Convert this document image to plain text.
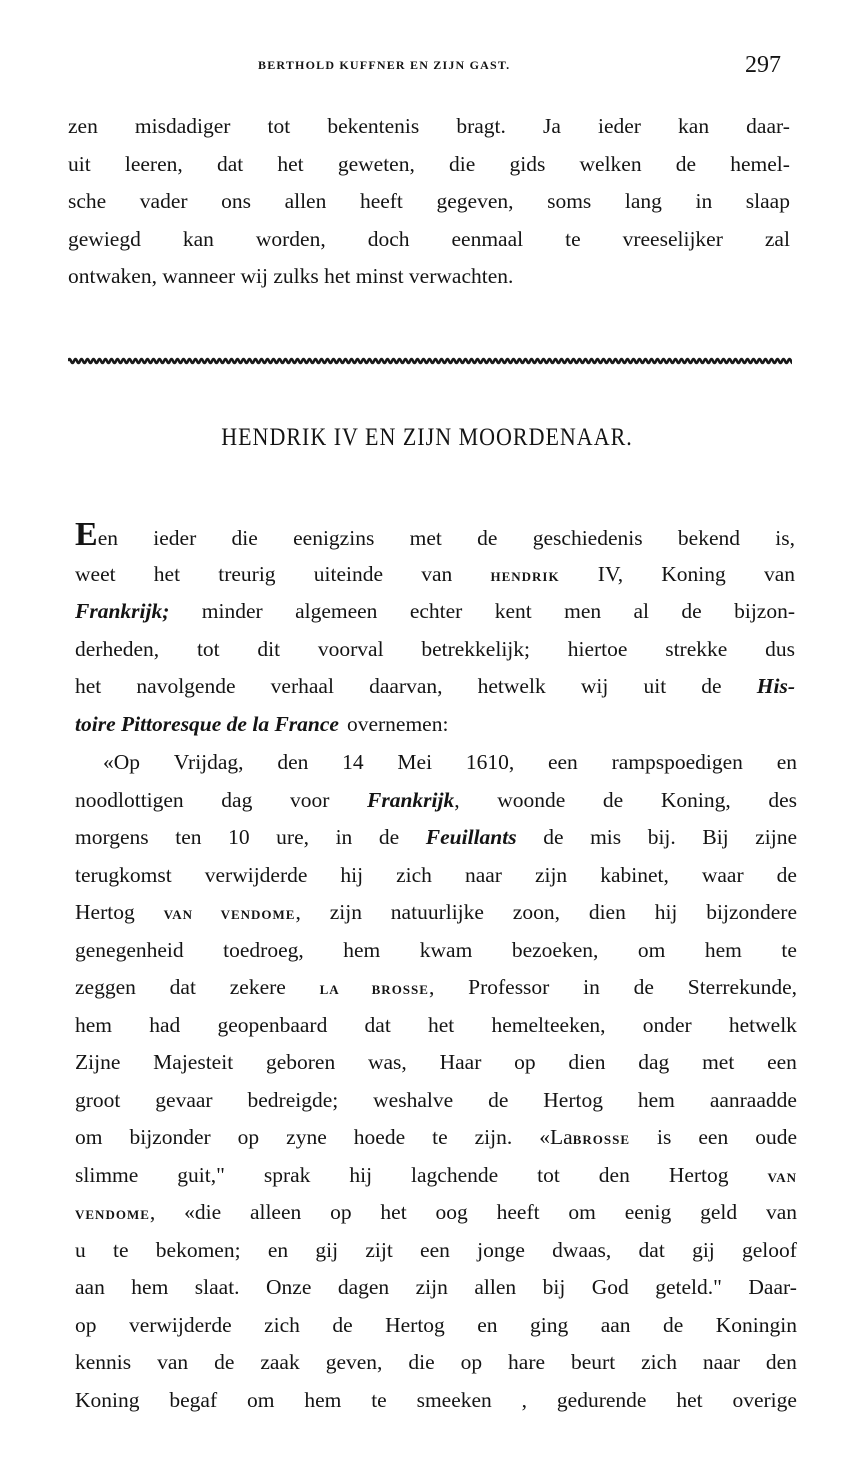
BERTHOLD KUFFNER EN ZIJN GAST.	297
zen misdadiger tot bekentenis bragt. Ja ieder kan daar-
uit leeren, dat het geweten, die gids welken de hemel-
sche vader ons allen heeft gegeven, soms lang in slaap
gewiegd kan worden, doch eenmaal te vreeselijker zal
ontwaken, wanneer wij zulks het minst verwachten.
HENDRIK IV EN ZIJN MOORDENAAR.
Een ieder die eenigzins met de geschiedenis bekend is,
weet het treurig uiteinde van	HENDRIK IV, Koning van
Frankrijk; minder algemeen echter kent men al de bijzon-
derheden, tot dit voorval betrekkelijk; hiertoe strekke dus
het navolgende verhaal daarvan, hetwelk wij uit de His-
toire Pittoresque de la France overnemen:
«Op Vrijdag, den 14 Mei 1610, een rampspoedigen en
noodlottigen dag voor Frankrijk, woonde de Koning, des
morgens ten 10 ure, in de Feuillants de mis bij. Bij zijne
terugkomst verwijderde hij zich naar zijn kabinet, waar de
Hertog VAN VENDOME, zijn natuurlijke zoon, dien hij bijzondere
genegenheid toedroeg, hem kwam bezoeken, om hem te
zeggen dat zekere	LA BROSSE, Professor in de Sterrekunde,
hem had geopenbaard dat het hemelteeken, onder hetwelk
Zijne Majesteit geboren was, Haar op dien dag met een
groot gevaar bedreigde; weshalve de Hertog hem aanraadde
om bijzonder op zyne hoede te zijn. «LaBROSSE is een oude
slimme guit," sprak hij lagchende tot den Hertog	VAN
VENDOME, «die alleen op het oog heeft om eenig geld van
u te bekomen; en gij zijt een jonge dwaas, dat gij geloof
aan hem slaat. Onze dagen zijn allen bij God geteld." Daar-
op verwijderde zich de Hertog en ging aan de Koningin
kennis van de zaak geven, die op hare beurt zich naar den
Koning begaf om hem te smeeken , gedurende het overige
